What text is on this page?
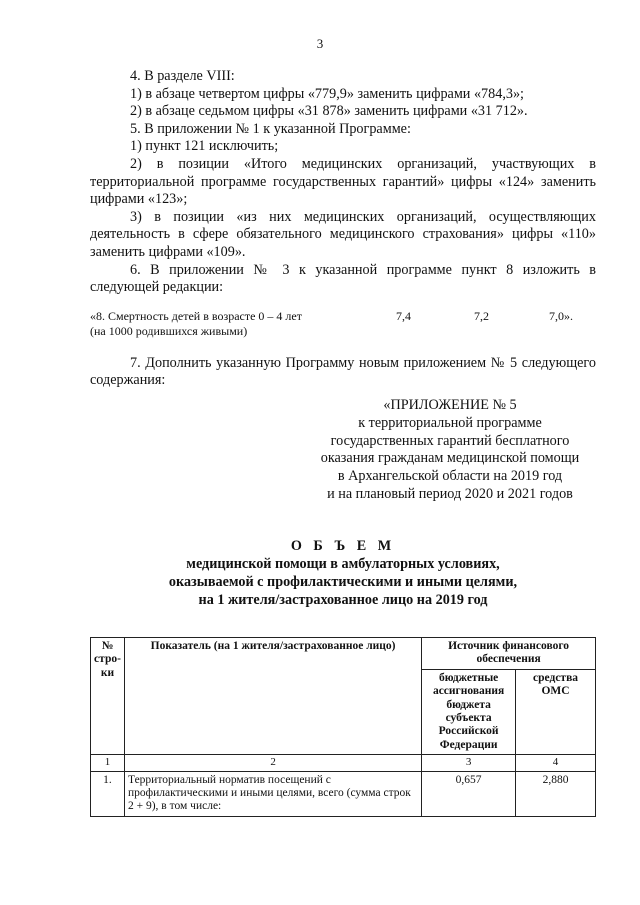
3

4. В разделе VIII:

1) в абзаце четвертом цифры «779,9» заменить цифрами «784,3»;

2) в абзаце седьмом цифры «31 878» заменить цифрами «31 712».

5. В приложении № 1 к указанной Программе:

1) пункт 121 исключить;

2) в позиции «Итого медицинских организаций, участвующих в территориальной программе государственных гарантий» цифры «124» заменить цифрами «123»;

3) в позиции «из них медицинских организаций, осуществляющих деятельность в сфере обязательного медицинского страхования» цифры «110» заменить цифрами «109».

6. В приложении № 3 к указанной программе пункт 8 изложить в следующей редакции:

«8. Смертность детей в возрасте 0 – 4 лет
(на 1000 родившихся живыми)
7,4	7,2	7,0».

7. Дополнить указанную Программу новым приложением № 5 следующего содержания:

«ПРИЛОЖЕНИЕ № 5
к территориальной программе
государственных гарантий бесплатного
оказания гражданам медицинской помощи
в Архангельской области на 2019 год
и на плановый период 2020 и 2021 годов
О Б Ъ Е М
медицинской помощи в амбулаторных условиях,
оказываемой с профилактическими и иными целями,
на 1 жителя/застрахованное лицо на 2019 год
№ стро-ки	Показатель (на 1 жителя/застрахованное лицо)	Источник финансового обеспечения	
		бюджетные ассигнования бюджета субъекта Российской Федерации	средства ОМС
1	2	3	4
1.	Территориальный норматив посещений с профилактическими и иными целями, всего (сумма строк 2 + 9), в том числе:	0,657	2,880
